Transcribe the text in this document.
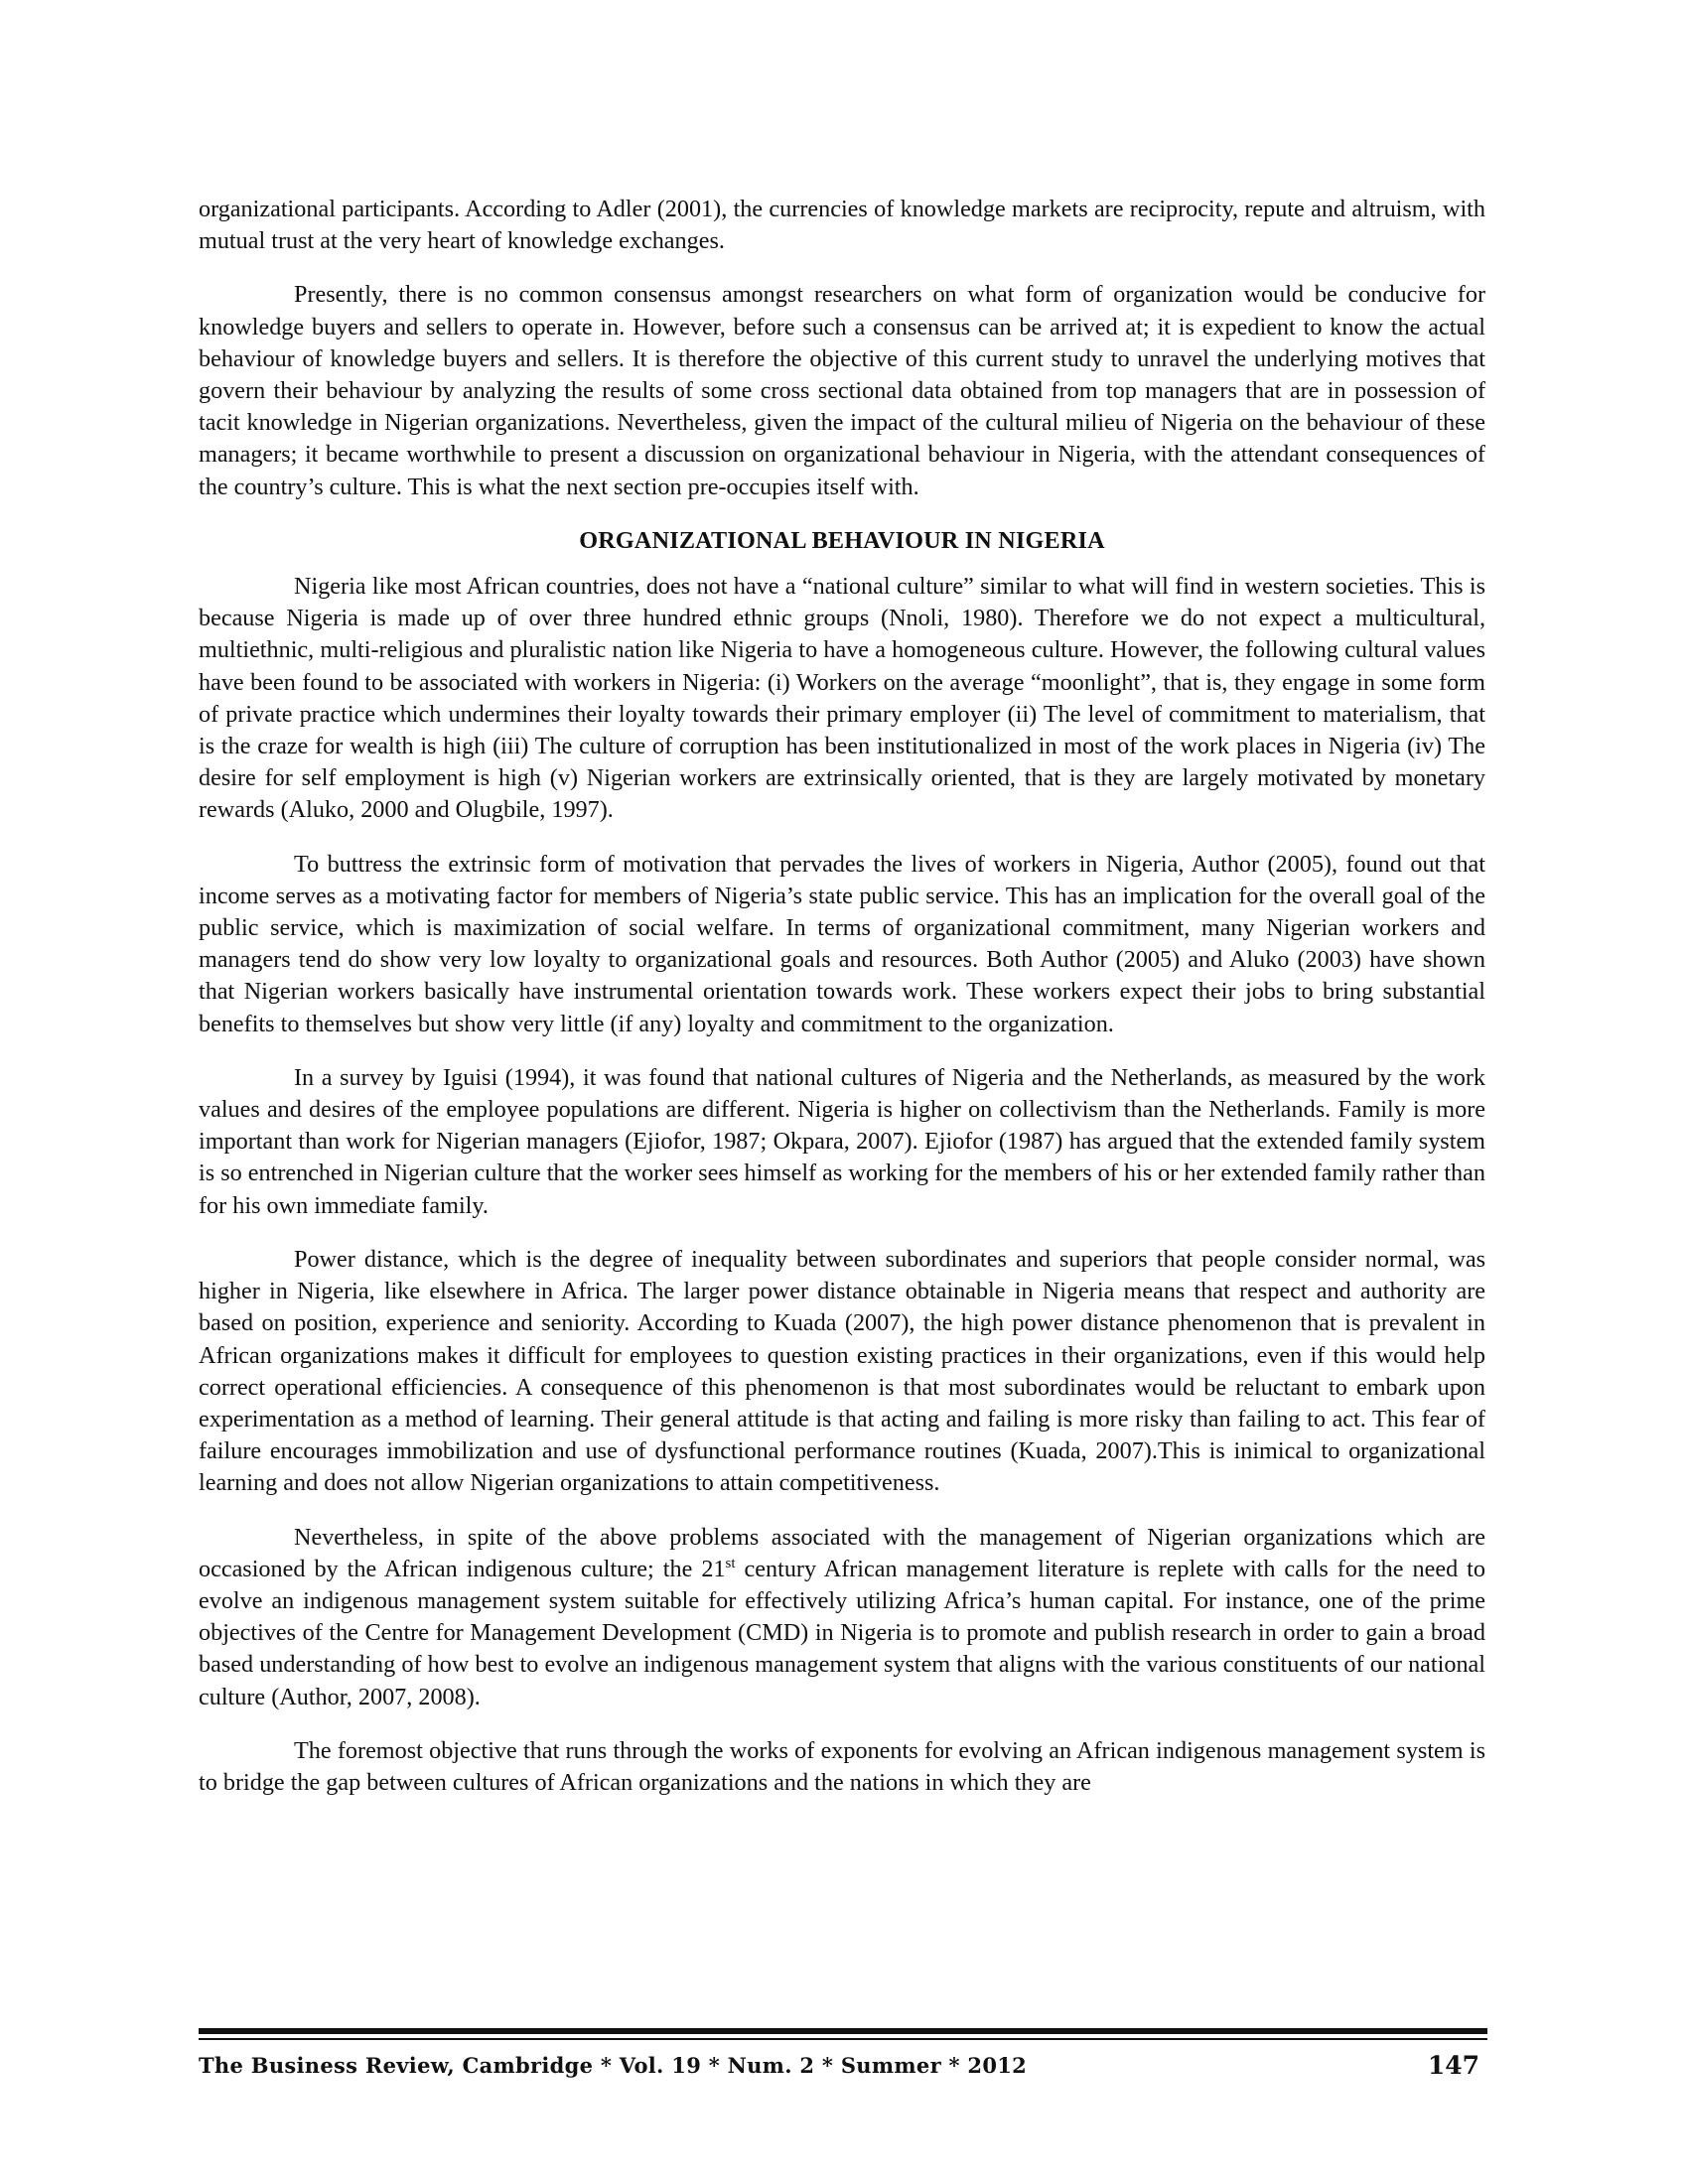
organizational participants. According to Adler (2001), the currencies of knowledge markets are reciprocity, repute and altruism, with mutual trust at the very heart of knowledge exchanges.

Presently, there is no common consensus amongst researchers on what form of organization would be conducive for knowledge buyers and sellers to operate in. However, before such a consensus can be arrived at; it is expedient to know the actual behaviour of knowledge buyers and sellers. It is therefore the objective of this current study to unravel the underlying motives that govern their behaviour by analyzing the results of some cross sectional data obtained from top managers that are in possession of tacit knowledge in Nigerian organizations. Nevertheless, given the impact of the cultural milieu of Nigeria on the behaviour of these managers; it became worthwhile to present a discussion on organizational behaviour in Nigeria, with the attendant consequences of the country’s culture. This is what the next section pre-occupies itself with.

ORGANIZATIONAL BEHAVIOUR IN NIGERIA

Nigeria like most African countries, does not have a “national culture” similar to what will find in western societies. This is because Nigeria is made up of over three hundred ethnic groups (Nnoli, 1980). Therefore we do not expect a multicultural, multiethnic, multi-religious and pluralistic nation like Nigeria to have a homogeneous culture. However, the following cultural values have been found to be associated with workers in Nigeria: (i) Workers on the average “moonlight”, that is, they engage in some form of private practice which undermines their loyalty towards their primary employer (ii) The level of commitment to materialism, that is the craze for wealth is high (iii) The culture of corruption has been institutionalized in most of the work places in Nigeria (iv) The desire for self employment is high (v) Nigerian workers are extrinsically oriented, that is they are largely motivated by monetary rewards (Aluko, 2000 and Olugbile, 1997).

To buttress the extrinsic form of motivation that pervades the lives of workers in Nigeria, Author (2005), found out that income serves as a motivating factor for members of Nigeria’s state public service. This has an implication for the overall goal of the public service, which is maximization of social welfare. In terms of organizational commitment, many Nigerian workers and managers tend do show very low loyalty to organizational goals and resources. Both Author (2005) and Aluko (2003) have shown that Nigerian workers basically have instrumental orientation towards work. These workers expect their jobs to bring substantial benefits to themselves but show very little (if any) loyalty and commitment to the organization.

In a survey by Iguisi (1994), it was found that national cultures of Nigeria and the Netherlands, as measured by the work values and desires of the employee populations are different. Nigeria is higher on collectivism than the Netherlands. Family is more important than work for Nigerian managers (Ejiofor, 1987; Okpara, 2007). Ejiofor (1987) has argued that the extended family system is so entrenched in Nigerian culture that the worker sees himself as working for the members of his or her extended family rather than for his own immediate family.

Power distance, which is the degree of inequality between subordinates and superiors that people consider normal, was higher in Nigeria, like elsewhere in Africa. The larger power distance obtainable in Nigeria means that respect and authority are based on position, experience and seniority. According to Kuada (2007), the high power distance phenomenon that is prevalent in African organizations makes it difficult for employees to question existing practices in their organizations, even if this would help correct operational efficiencies. A consequence of this phenomenon is that most subordinates would be reluctant to embark upon experimentation as a method of learning. Their general attitude is that acting and failing is more risky than failing to act. This fear of failure encourages immobilization and use of dysfunctional performance routines (Kuada, 2007).This is inimical to organizational learning and does not allow Nigerian organizations to attain competitiveness.

Nevertheless, in spite of the above problems associated with the management of Nigerian organizations which are occasioned by the African indigenous culture; the 21st century African management literature is replete with calls for the need to evolve an indigenous management system suitable for effectively utilizing Africa’s human capital. For instance, one of the prime objectives of the Centre for Management Development (CMD) in Nigeria is to promote and publish research in order to gain a broad based understanding of how best to evolve an indigenous management system that aligns with the various constituents of our national culture (Author, 2007, 2008).

The foremost objective that runs through the works of exponents for evolving an African indigenous management system is to bridge the gap between cultures of African organizations and the nations in which they are

The Business Review, Cambridge * Vol. 19 * Num. 2 * Summer * 2012	147
